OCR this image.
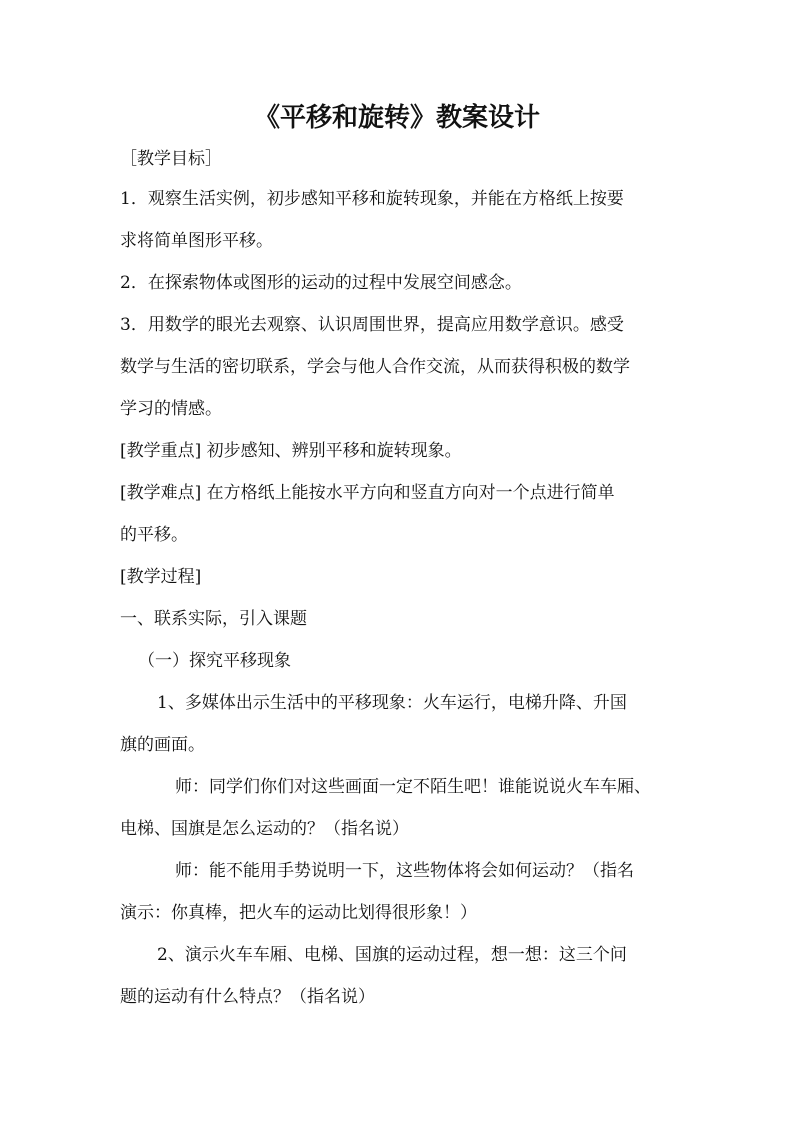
《平移和旋转》教案设计
［教学目标］
1．观察生活实例，初步感知平移和旋转现象，并能在方格纸上按要
求将简单图形平移。
2．在探索物体或图形的运动的过程中发展空间感念。
3．用数学的眼光去观察、认识周围世界，提高应用数学意识。感受
数学与生活的密切联系，学会与他人合作交流，从而获得积极的数学
学习的情感。
[教学重点] 初步感知、辨别平移和旋转现象。
[教学难点] 在方格纸上能按水平方向和竖直方向对一个点进行简单
的平移。
[教学过程]
一、联系实际，引入课题
（一）探究平移现象
1、多媒体出示生活中的平移现象：火车运行，电梯升降、升国
旗的画面。
师：同学们你们对这些画面一定不陌生吧！谁能说说火车车厢、
电梯、国旗是怎么运动的？（指名说）
师：能不能用手势说明一下，这些物体将会如何运动？（指名
演示：你真棒，把火车的运动比划得很形象！）
2、演示火车车厢、电梯、国旗的运动过程，想一想：这三个问
题的运动有什么特点？（指名说）
